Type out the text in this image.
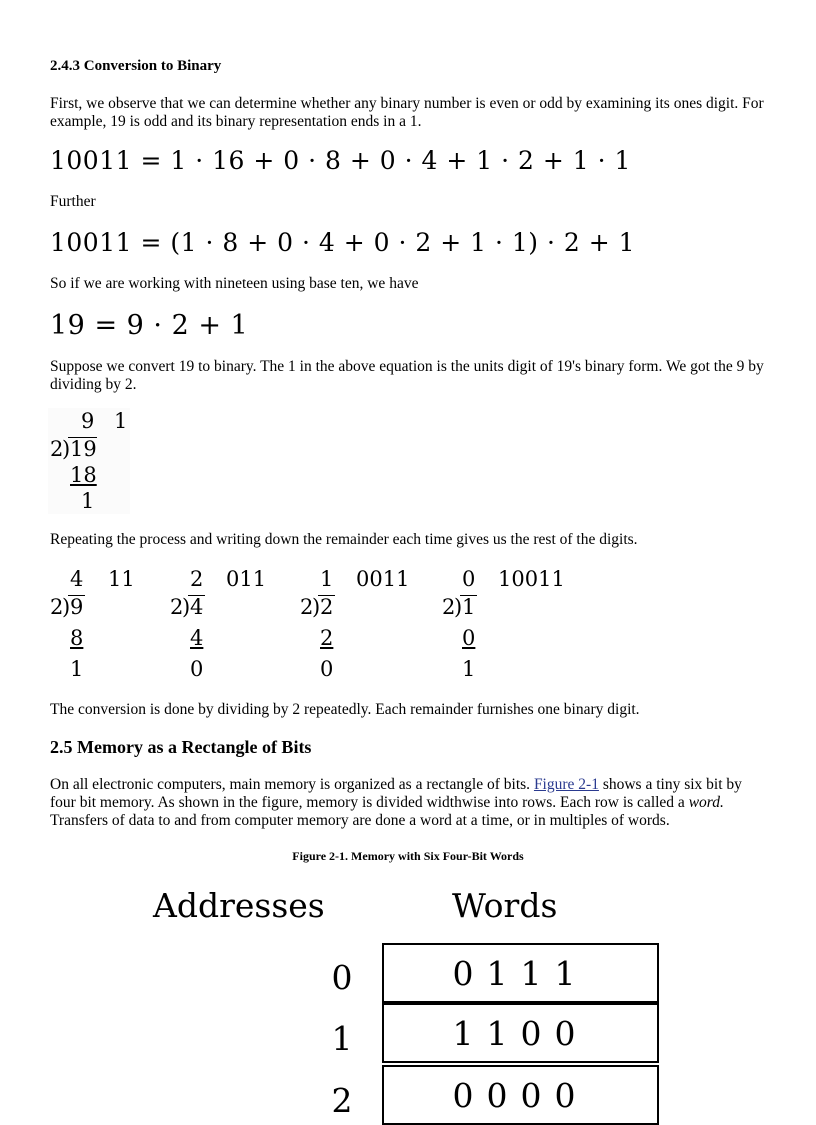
2.4.3 Conversion to Binary
First, we observe that we can determine whether any binary number is even or odd by examining its ones digit. For example, 19 is odd and its binary representation ends in a 1.
10011 = 1 · 16 + 0 · 8 + 0 · 4 + 1 · 2 + 1 · 1
Further
10011 = (1 · 8 + 0 · 4 + 0 · 2 + 1 · 1) · 2 + 1
So if we are working with nineteen using base ten, we have
19 = 9 · 2 + 1
Suppose we convert 19 to binary. The 1 in the above equation is the units digit of 19's binary form. We got the 9 by dividing by 2.
9 1
2
) 19
18
1
Repeating the process and writing down the remainder each time gives us the rest of the digits.
4 11
2
) 9
8
1
2 011
2
) 4
4
0
1 0011
2
) 2
2
0
0 10011
2
) 1
0
1
The conversion is done by dividing by 2 repeatedly. Each remainder furnishes one binary digit.
2.5 Memory as a Rectangle of Bits
On all electronic computers, main memory is organized as a rectangle of bits. Figure 2-1 shows a tiny six bit by four bit memory. As shown in the figure, memory is divided widthwise into rows. Each row is called a word. Transfers of data to and from computer memory are done a word at a time, or in multiples of words.
Figure 2-1. Memory with Six Four-Bit Words
Addresses	Words
0	0111
1	1100
2	0000
